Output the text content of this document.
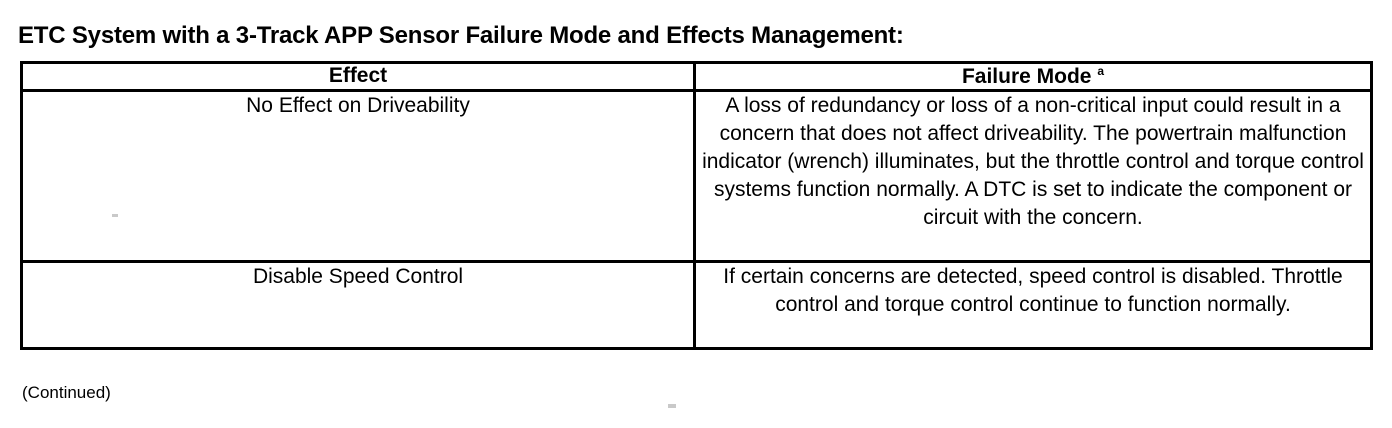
ETC System with a 3-Track APP Sensor Failure Mode and Effects Management:
Effect	Failure Mode $^a$
No Effect on Driveability	A loss of redundancy or loss of a non-critical input could result in a concern that does not affect driveability. The powertrain malfunction indicator (wrench) illuminates, but the throttle control and torque control systems function normally. A DTC is set to indicate the component or circuit with the concern.
Disable Speed Control	If certain concerns are detected, speed control is disabled. Throttle control and torque control continue to function normally.
(Continued)
